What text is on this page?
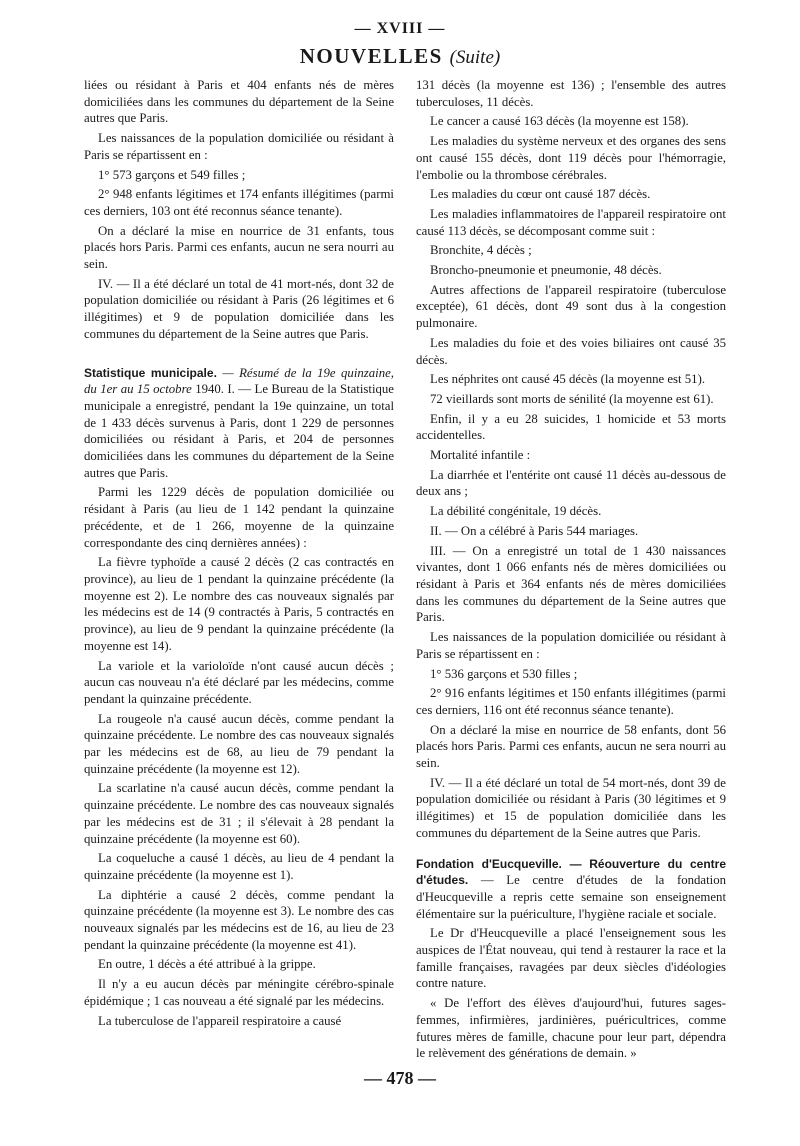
— XVIII —
NOUVELLES (Suite)

liées ou résidant à Paris et 404 enfants nés de mères domiciliées dans les communes du département de la Seine autres que Paris.

Les naissances de la population domiciliée ou résidant à Paris se répartissent en :

1° 573 garçons et 549 filles ;

2° 948 enfants légitimes et 174 enfants illégitimes (parmi ces derniers, 103 ont été reconnus séance tenante).

On a déclaré la mise en nourrice de 31 enfants, tous placés hors Paris. Parmi ces enfants, aucun ne sera nourri au sein.

IV. — Il a été déclaré un total de 41 mort-nés, dont 32 de population domiciliée ou résidant à Paris (26 légitimes et 6 illégitimes) et 9 de population domiciliée dans les communes du département de la Seine autres que Paris.

Statistique municipale. — Résumé de la 19e quinzaine, du 1er au 15 octobre 1940. I. — Le Bureau de la Statistique municipale a enregistré, pendant la 19e quinzaine, un total de 1 433 décès survenus à Paris, dont 1 229 de personnes domiciliées ou résidant à Paris, et 204 de personnes domiciliées dans les communes du département de la Seine autres que Paris.

Parmi les 1229 décès de population domiciliée ou résidant à Paris (au lieu de 1 142 pendant la quinzaine précédente, et de 1 266, moyenne de la quinzaine correspondante des cinq dernières années) :

La fièvre typhoïde a causé 2 décès (2 cas contractés en province), au lieu de 1 pendant la quinzaine précédente (la moyenne est 2). Le nombre des cas nouveaux signalés par les médecins est de 14 (9 contractés à Paris, 5 contractés en province), au lieu de 9 pendant la quinzaine précédente (la moyenne est 14).

La variole et la varioloïde n'ont causé aucun décès ; aucun cas nouveau n'a été déclaré par les médecins, comme pendant la quinzaine précédente.

La rougeole n'a causé aucun décès, comme pendant la quinzaine précédente. Le nombre des cas nouveaux signalés par les médecins est de 68, au lieu de 79 pendant la quinzaine précédente (la moyenne est 12).

La scarlatine n'a causé aucun décès, comme pendant la quinzaine précédente. Le nombre des cas nouveaux signalés par les médecins est de 31 ; il s'élevait à 28 pendant la quinzaine précédente (la moyenne est 60).

La coqueluche a causé 1 décès, au lieu de 4 pendant la quinzaine précédente (la moyenne est 1).

La diphtérie a causé 2 décès, comme pendant la quinzaine précédente (la moyenne est 3). Le nombre des cas nouveaux signalés par les médecins est de 16, au lieu de 23 pendant la quinzaine précédente (la moyenne est 41).

En outre, 1 décès a été attribué à la grippe.

Il n'y a eu aucun décès par méningite cérébro-spinale épidémique ; 1 cas nouveau a été signalé par les médecins.

La tuberculose de l'appareil respiratoire a causé

131 décès (la moyenne est 136) ; l'ensemble des autres tuberculoses, 11 décès.

Le cancer a causé 163 décès (la moyenne est 158).

Les maladies du système nerveux et des organes des sens ont causé 155 décès, dont 119 décès pour l'hémorragie, l'embolie ou la thrombose cérébrales.

Les maladies du cœur ont causé 187 décès.

Les maladies inflammatoires de l'appareil respiratoire ont causé 113 décès, se décomposant comme suit :

Bronchite, 4 décès ;

Broncho-pneumonie et pneumonie, 48 décès.

Autres affections de l'appareil respiratoire (tuberculose exceptée), 61 décès, dont 49 sont dus à la congestion pulmonaire.

Les maladies du foie et des voies biliaires ont causé 35 décès.

Les néphrites ont causé 45 décès (la moyenne est 51).

72 vieillards sont morts de sénilité (la moyenne est 61).

Enfin, il y a eu 28 suicides, 1 homicide et 53 morts accidentelles.

Mortalité infantile :

La diarrhée et l'entérite ont causé 11 décès au-dessous de deux ans ;

La débilité congénitale, 19 décès.

II. — On a célébré à Paris 544 mariages.

III. — On a enregistré un total de 1 430 naissances vivantes, dont 1 066 enfants nés de mères domiciliées ou résidant à Paris et 364 enfants nés de mères domiciliées dans les communes du département de la Seine autres que Paris.

Les naissances de la population domiciliée ou résidant à Paris se répartissent en :

1° 536 garçons et 530 filles ;

2° 916 enfants légitimes et 150 enfants illégitimes (parmi ces derniers, 116 ont été reconnus séance tenante).

On a déclaré la mise en nourrice de 58 enfants, dont 56 placés hors Paris. Parmi ces enfants, aucun ne sera nourri au sein.

IV. — Il a été déclaré un total de 54 mort-nés, dont 39 de population domiciliée ou résidant à Paris (30 légitimes et 9 illégitimes) et 15 de population domiciliée dans les communes du département de la Seine autres que Paris.

Fondation d'Eucqueville. — Réouverture du centre d'études. — Le centre d'études de la fondation d'Heucqueville a repris cette semaine son enseignement élémentaire sur la puériculture, l'hygiène raciale et sociale.

Le Dr d'Heucqueville a placé l'enseignement sous les auspices de l'État nouveau, qui tend à restaurer la race et la famille françaises, ravagées par deux siècles d'idéologies contre nature.

« De l'effort des élèves d'aujourd'hui, futures sages-femmes, infirmières, jardinières, puéricultrices, comme futures mères de famille, chacune pour leur part, dépendra le relèvement des générations de demain. »

— 478 —
